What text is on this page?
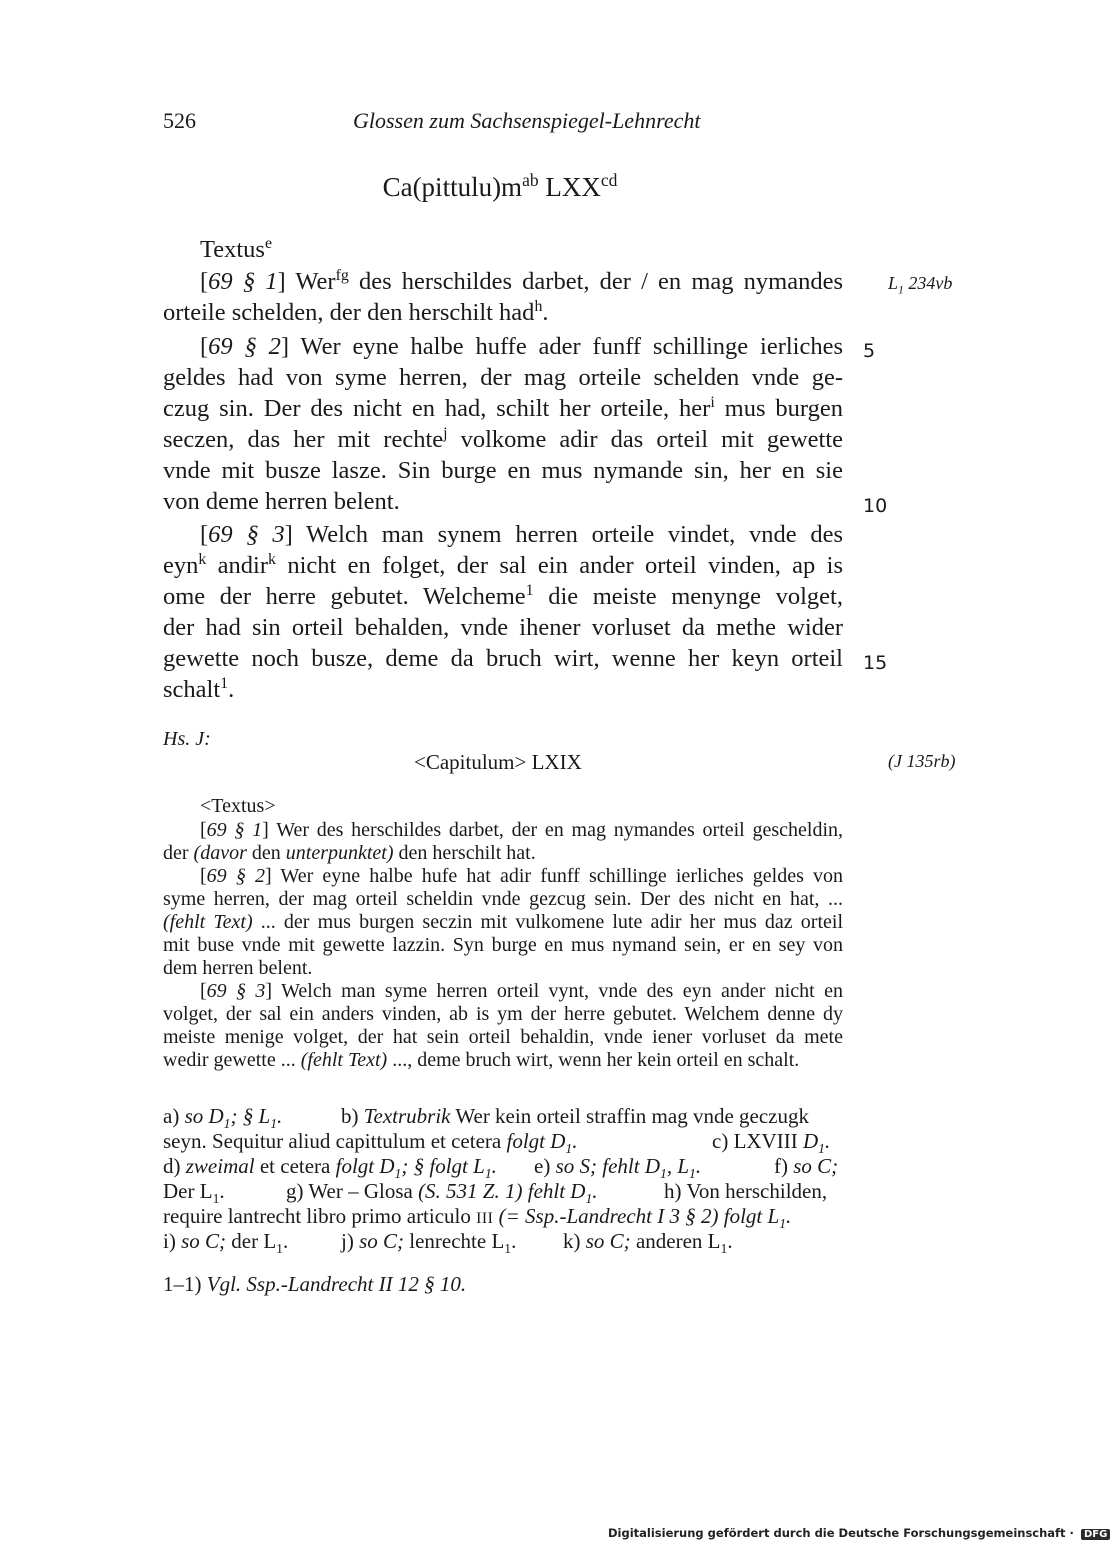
526	Glossen zum Sachsenspiegel-Lehnrecht
$Ca(pittulu)m^{ab}$ $LXX^{cd}$
Textus$^e$
[69 § 1] Wer$^{fg}$ des herschildes darbet, der / en mag nymandes
orteile schelden, der den herschilt had$^h$.
[69 § 2] Wer eyne halbe huffe ader funff schillinge ierliches
geldes had von syme herren, der mag orteile schelden vnde ge-
czug sin. Der des nicht en had, schilt her orteile, her$^i$ mus burgen
seczen, das her mit rechte$^j$ volkome adir das orteil mit gewette
vnde mit busze lasze. Sin burge en mus nymande sin, her en sie
von deme herren belent.
[69 § 3] Welch man synem herren orteile vindet, vnde des
eyn$^k$ andir$^k$ nicht en folget, der sal ein ander orteil vinden, ap is
ome der herre gebutet. Welcheme$^1$ die meiste menynge volget,
der had sin orteil behalden, vnde ihener vorluset da methe wider
gewette noch busze, deme da bruch wirt, wenne her keyn orteil
schalt$^1$.
5
10
15
$L_1$ 234vb
(J 135rb)
Hs. J:
<Capitulum> LXIX
<Textus>
[69 § 1] Wer des herschildes darbet, der en mag nymandes orteil gescheldin,
der (davor den unterpunktet) den herschilt hat.
[69 § 2] Wer eyne halbe hufe hat adir funff schillinge ierliches geldes von
syme herren, der mag orteil scheldin vnde gezcug sein. Der des nicht en hat, ...
(fehlt Text) ... der mus burgen seczin mit vulkomene lute adir her mus daz orteil
mit buse vnde mit gewette lazzin. Syn burge en mus nymand sein, er en sey von
dem herren belent.
[69 § 3] Welch man syme herren orteil vynt, vnde des eyn ander nicht en
volget, der sal ein anders vinden, ab is ym der herre gebutet. Welchem denne dy
meiste menige volget, der hat sein orteil behaldin, vnde iener vorluset da mete
wedir gewette ... (fehlt Text) ..., deme bruch wirt, wenn her kein orteil en schalt.
a) so $D_1$; § $L_1$.	b) Textrubrik Wer kein orteil straffin mag vnde geczugk
seyn. Sequitur aliud capittulum et cetera folgt $D_1$.	c) LXVIII $D_1$.
d) zweimal et cetera folgt $D_1$; § folgt $L_1$. e) so S; fehlt $D_1$, $L_1$.	f) so C;
Der $L_1$.	g) Wer – Glosa (S. 531 Z. 1) fehlt $D_1$.	h) Von herschilden,
require lantrecht libro primo articulo III (= Ssp.-Landrecht I 3 § 2) folgt $L_1$.
i) so C; der $L_1$.	j) so C; lenrechte $L_1$. k) so C; anderen $L_1$.
1–1) Vgl. Ssp.-Landrecht II 12 § 10.
Digitalisierung gefördert durch die Deutsche Forschungsgemeinschaft · DFG
